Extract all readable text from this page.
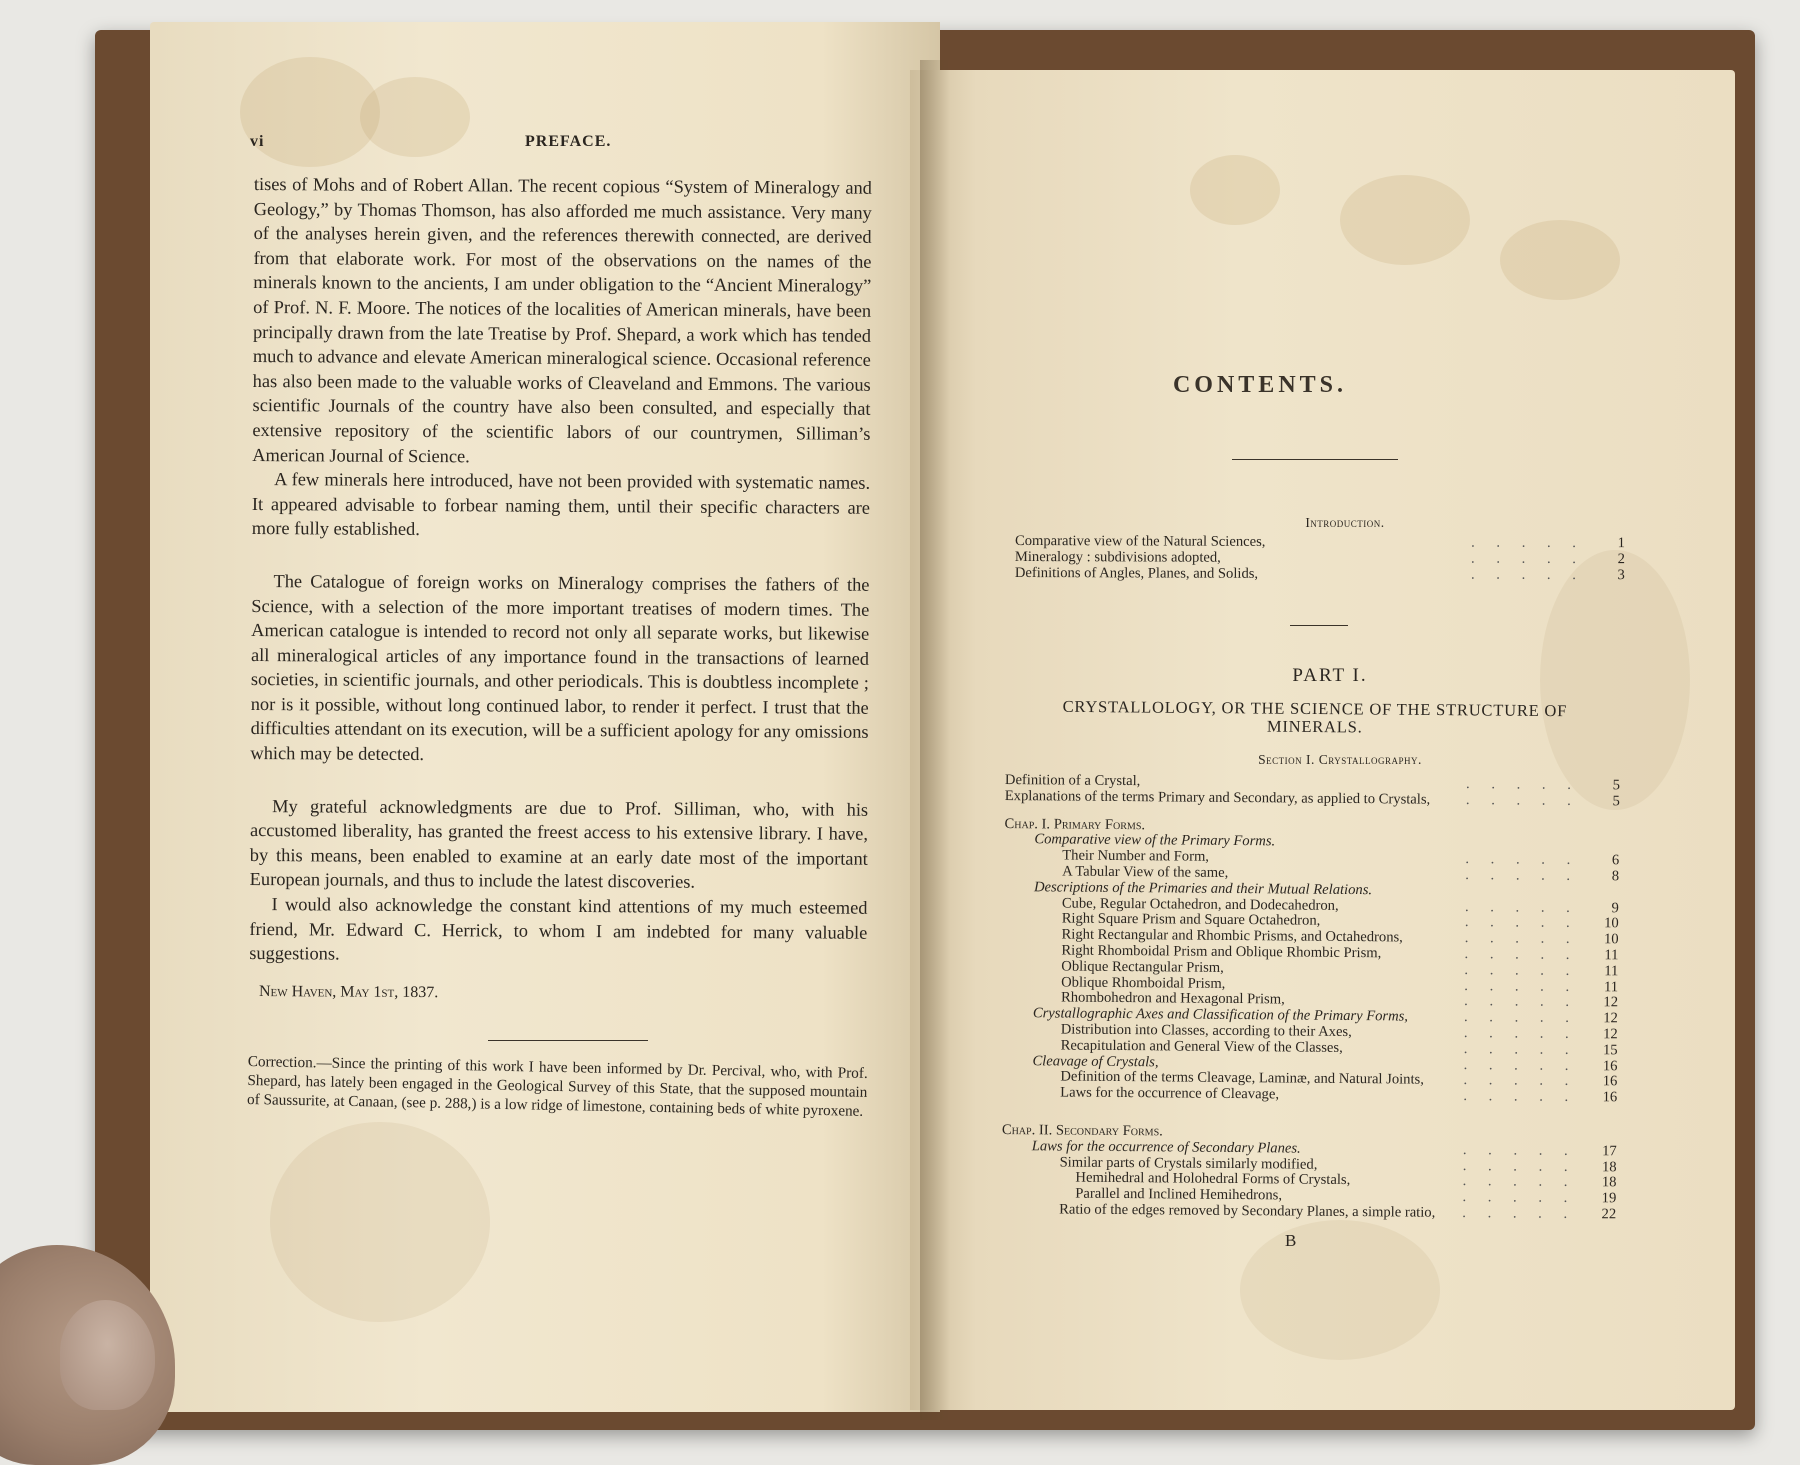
vi	PREFACE.

tises of Mohs and of Robert Allan. The recent copious “System of Mineralogy and Geology,” by Thomas Thomson, has also afforded me much assistance. Very many of the analyses herein given, and the references therewith connected, are derived from that elaborate work. For most of the observations on the names of the minerals known to the ancients, I am under obligation to the “Ancient Mineralogy” of Prof. N. F. Moore. The notices of the localities of American minerals, have been principally drawn from the late Treatise by Prof. Shepard, a work which has tended much to advance and elevate American mineralogical science. Occasional reference has also been made to the valuable works of Cleaveland and Emmons. The various scientific Journals of the country have also been consulted, and especially that extensive repository of the scientific labors of our countrymen, Silliman’s American Journal of Science.

A few minerals here introduced, have not been provided with systematic names. It appeared advisable to forbear naming them, until their specific characters are more fully established.

The Catalogue of foreign works on Mineralogy comprises the fathers of the Science, with a selection of the more important treatises of modern times. The American catalogue is intended to record not only all separate works, but likewise all mineralogical articles of any importance found in the transactions of learned societies, in scientific journals, and other periodicals. This is doubtless incomplete ; nor is it possible, without long continued labor, to render it perfect. I trust that the difficulties attendant on its execution, will be a sufficient apology for any omissions which may be detected.

My grateful acknowledgments are due to Prof. Silliman, who, with his accustomed liberality, has granted the freest access to his extensive library. I have, by this means, been enabled to examine at an early date most of the important European journals, and thus to include the latest discoveries.

I would also acknowledge the constant kind attentions of my much esteemed friend, Mr. Edward C. Herrick, to whom I am indebted for many valuable suggestions.

New Haven, May 1st, 1837.

Correction.—Since the printing of this work I have been informed by Dr. Percival, who, with Prof. Shepard, has lately been engaged in the Geological Survey of this State, that the supposed mountain of Saussurite, at Canaan, (see p. 288,) is a low ridge of limestone, containing beds of white pyroxene.
CONTENTS.
Introduction.
Comparative view of the Natural Sciences,	. . . . . 1
Mineralogy : subdivisions adopted,	. . . . . 2
Definitions of Angles, Planes, and Solids,	. . . . . 3
PART I.
CRYSTALLOLOGY, OR THE SCIENCE OF THE STRUCTURE OF
MINERALS.
Section I. Crystallography.
Definition of a Crystal,	. . . . . 5
Explanations of the terms Primary and Secondary, as applied to Crystals, . . . . . 5
Chap. I. Primary Forms.
Comparative view of the Primary Forms.
Their Number and Form,	. . . . . 6
A Tabular View of the same,	. . . . . 8
Descriptions of the Primaries and their Mutual Relations.
Cube, Regular Octahedron, and Dodecahedron,	. . . . . 9
Right Square Prism and Square Octahedron,	. . . . . 10
Right Rectangular and Rhombic Prisms, and Octahedrons,	. . . . . 10
Right Rhomboidal Prism and Oblique Rhombic Prism,	. . . . . 11
Oblique Rectangular Prism,	. . . . . 11
Oblique Rhomboidal Prism,	. . . . . 11
Rhombohedron and Hexagonal Prism,	. . . . . 12
Crystallographic Axes and Classification of the Primary Forms,	. . . . . 12
Distribution into Classes, according to their Axes,	. . . . . 12
Recapitulation and General View of the Classes,	. . . . . 15
Cleavage of Crystals,	. . . . . 16
Definition of the terms Cleavage, Laminæ, and Natural Joints,	. . . . . 16
Laws for the occurrence of Cleavage,	. . . . . 16
Chap. II. Secondary Forms.
Laws for the occurrence of Secondary Planes.	. . . . . 17
Similar parts of Crystals similarly modified,	. . . . . 18
Hemihedral and Holohedral Forms of Crystals,	. . . . . 18
Parallel and Inclined Hemihedrons,	. . . . . 19
Ratio of the edges removed by Secondary Planes, a simple ratio, . . . . . 22
B
